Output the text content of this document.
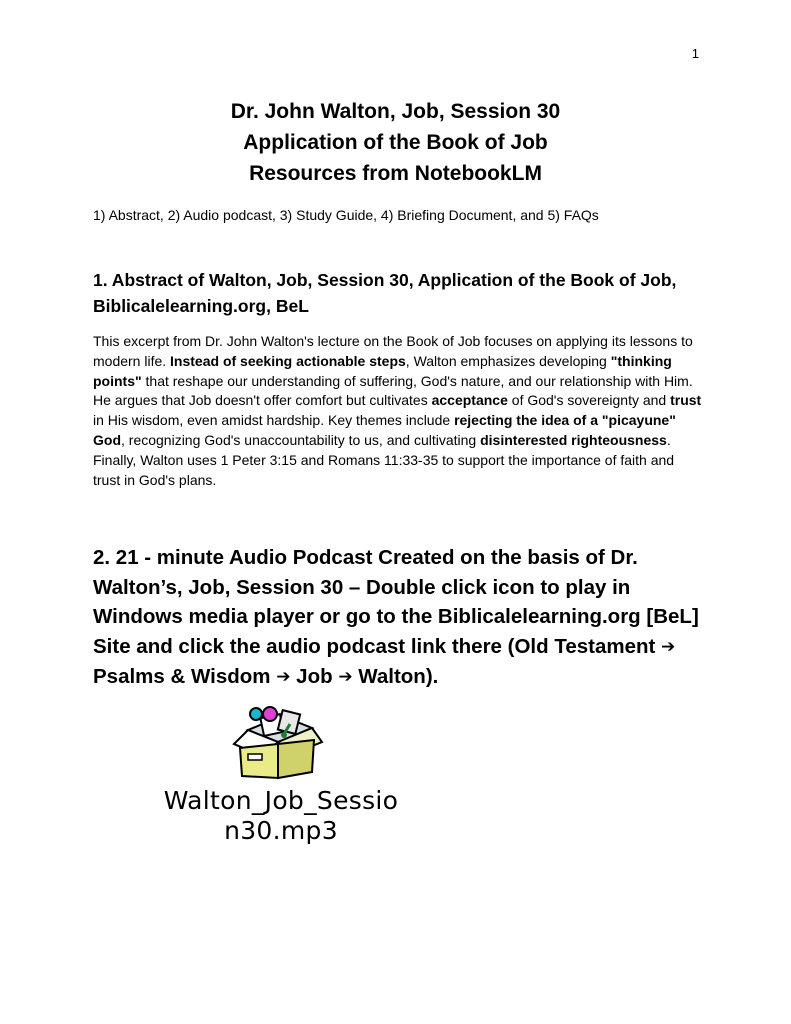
1
Dr. John Walton, Job, Session 30
Application of the Book of Job
Resources from NotebookLM
1) Abstract, 2) Audio podcast, 3) Study Guide, 4) Briefing Document, and 5) FAQs
1. Abstract of Walton, Job, Session 30, Application of the Book of Job, Biblicalelearning.org, BeL
This excerpt from Dr. John Walton's lecture on the Book of Job focuses on applying its lessons to modern life. Instead of seeking actionable steps, Walton emphasizes developing "thinking points" that reshape our understanding of suffering, God's nature, and our relationship with Him. He argues that Job doesn't offer comfort but cultivates acceptance of God's sovereignty and trust in His wisdom, even amidst hardship. Key themes include rejecting the idea of a "picayune" God, recognizing God's unaccountability to us, and cultivating disinterested righteousness. Finally, Walton uses 1 Peter 3:15 and Romans 11:33-35 to support the importance of faith and trust in God's plans.
2. 21 - minute Audio Podcast Created on the basis of Dr. Walton’s, Job, Session 30 – Double click icon to play in Windows media player or go to the Biblicalelearning.org [BeL] Site and click the audio podcast link there (Old Testament ➔ Psalms & Wisdom ➔ Job ➔ Walton).
Walton_Job_Sessio
n30.mp3
